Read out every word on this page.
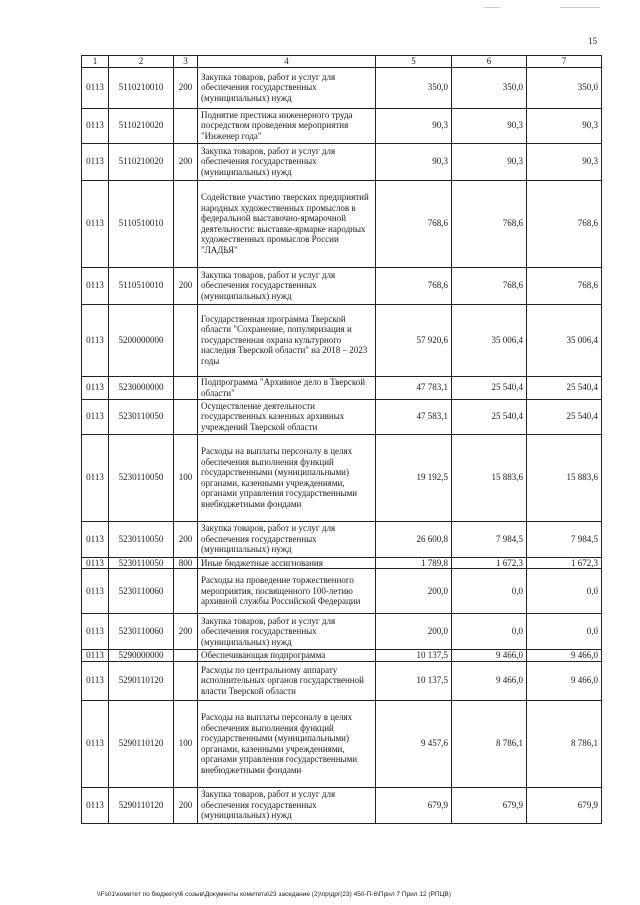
15
1	2	3	4	5	6	7
0113	5110210010	200	Закупка товаров, работ и услуг для обеспечения государственных (муниципальных) нужд	350,0	350,0	350,0
0113	5110210020		Поднятие престижа инженерного труда посредством проведения мероприятия "Инженер года"	90,3	90,3	90,3
0113	5110210020	200	Закупка товаров, работ и услуг для обеспечения государственных (муниципальных) нужд	90,3	90,3	90,3
0113	5110510010		Содействие участию тверских предприятий народных художественных промыслов в федеральной выставочно-ярмарочной деятельности: выставке-ярмарке народных художественных промыслов России "ЛАДЬЯ"	768,6	768,6	768,6
0113	5110510010	200	Закупка товаров, работ и услуг для обеспечения государственных (муниципальных) нужд	768,6	768,6	768,6
0113	5200000000		Государственная программа Тверской области "Сохранение, популяризация и государственная охрана культурного наследия Тверской области" на 2018 – 2023 годы	57 920,6	35 006,4	35 006,4
0113	5230000000		Подпрограмма "Архивное дело в Тверской области"	47 783,1	25 540,4	25 540,4
0113	5230110050		Осуществление деятельности государственных казенных архивных учреждений Тверской области	47 583,1	25 540,4	25 540,4
0113	5230110050	100	Расходы на выплаты персоналу в целях обеспечения выполнения функций государственными (муниципальными) органами, казенными учреждениями, органами управления государственными внебюджетными фондами	19 192,5	15 883,6	15 883,6
0113	5230110050	200	Закупка товаров, работ и услуг для обеспечения государственных (муниципальных) нужд	26 600,8	7 984,5	7 984,5
0113	5230110050	800	Иные бюджетные ассигнования	1 789,8	1 672,3	1 672,3
0113	5230110060		Расходы на проведение торжественного мероприятия, посвященного 100-летию архивной службы Российской Федерации	200,0	0,0	0,0
0113	5230110060	200	Закупка товаров, работ и услуг для обеспечения государственных (муниципальных) нужд	200,0	0,0	0,0
0113	5290000000		Обеспечивающая подпрограмма	10 137,5	9 466,0	9 466,0
0113	5290110120		Расходы по центральному аппарату исполнительных органов государственной власти Тверской области	10 137,5	9 466,0	9 466,0
0113	5290110120	100	Расходы на выплаты персоналу в целях обеспечения выполнения функций государственными (муниципальными) органами, казенными учреждениями, органами управления государственными внебюджетными фондами	9 457,6	8 786,1	8 786,1
0113	5290110120	200	Закупка товаров, работ и услуг для обеспечения государственных (муниципальных) нужд	679,9	679,9	679,9
\\Fs01\комитет по бюджету\6 созыв\Документы комитета\23 заседание (2)\пр\дрг(23) 450-П-6\Прил 7 Прил 12 (РПЦВ)
